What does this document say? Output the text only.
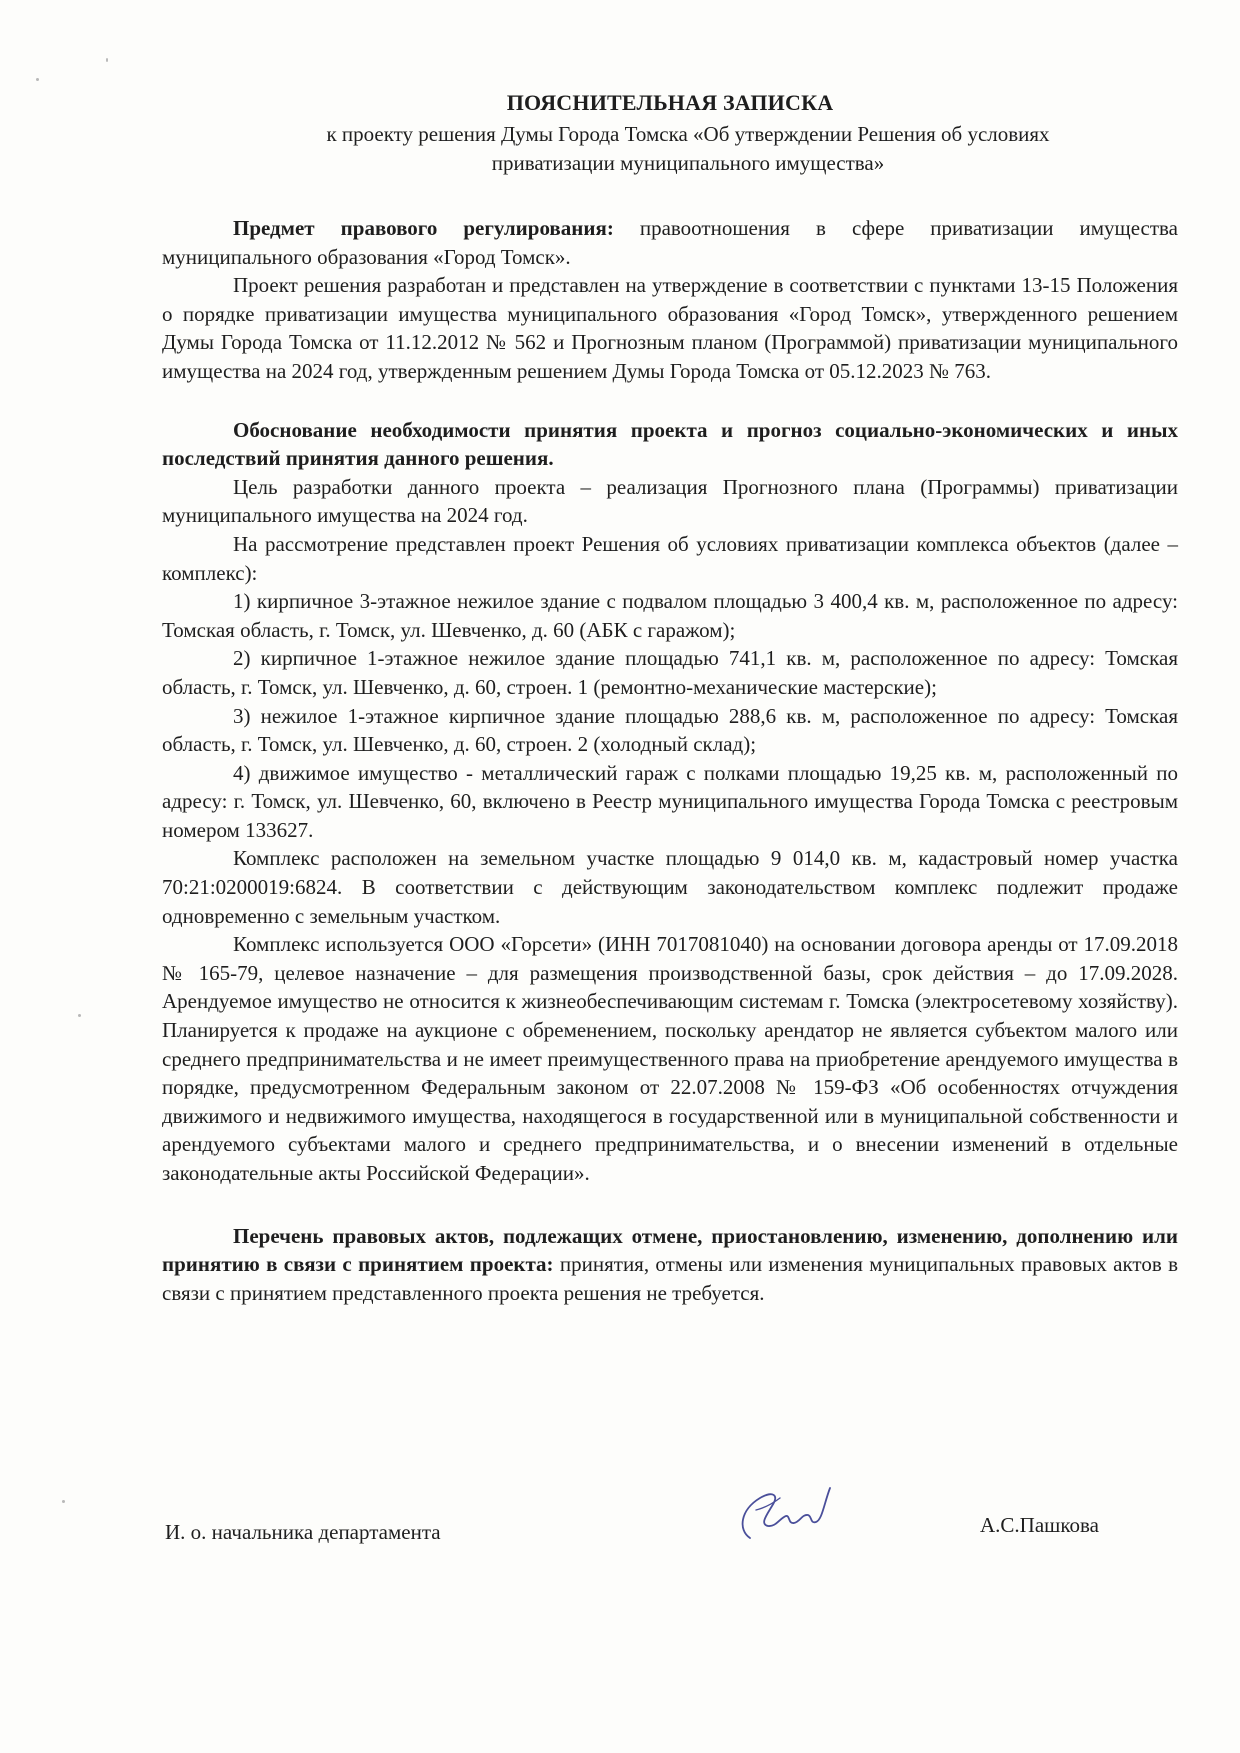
ПОЯСНИТЕЛЬНАЯ ЗАПИСКА
к проекту решения Думы Города Томска «Об утверждении Решения об условиях
приватизации муниципального имущества»

Предмет правового регулирования: правоотношения в сфере приватизации имущества муниципального образования «Город Томск».

Проект решения разработан и представлен на утверждение в соответствии с пунктами 13-15 Положения о порядке приватизации имущества муниципального образования «Город Томск», утвержденного решением Думы Города Томска от 11.12.2012 № 562 и Прогнозным планом (Программой) приватизации муниципального имущества на 2024 год, утвержденным решением Думы Города Томска от 05.12.2023 № 763.

Обоснование необходимости принятия проекта и прогноз социально-экономических и иных последствий принятия данного решения.

Цель разработки данного проекта – реализация Прогнозного плана (Программы) приватизации муниципального имущества на 2024 год.

На рассмотрение представлен проект Решения об условиях приватизации комплекса объектов (далее – комплекс):

1) кирпичное 3-этажное нежилое здание с подвалом площадью 3 400,4 кв. м, расположенное по адресу: Томская область, г. Томск, ул. Шевченко, д. 60 (АБК с гаражом);

2) кирпичное 1-этажное нежилое здание площадью 741,1 кв. м, расположенное по адресу: Томская область, г. Томск, ул. Шевченко, д. 60, строен. 1 (ремонтно-механические мастерские);

3) нежилое 1-этажное кирпичное здание площадью 288,6 кв. м, расположенное по адресу: Томская область, г. Томск, ул. Шевченко, д. 60, строен. 2 (холодный склад);

4) движимое имущество - металлический гараж с полками площадью 19,25 кв. м, расположенный по адресу: г. Томск, ул. Шевченко, 60, включено в Реестр муниципального имущества Города Томска с реестровым номером 133627.

Комплекс расположен на земельном участке площадью 9 014,0 кв. м, кадастровый номер участка 70:21:0200019:6824. В соответствии с действующим законодательством комплекс подлежит продаже одновременно с земельным участком.

Комплекс используется ООО «Горсети» (ИНН 7017081040) на основании договора аренды от 17.09.2018 № 165-79, целевое назначение – для размещения производственной базы, срок действия – до 17.09.2028. Арендуемое имущество не относится к жизнеобеспечивающим системам г. Томска (электросетевому хозяйству). Планируется к продаже на аукционе с обременением, поскольку арендатор не является субъектом малого или среднего предпринимательства и не имеет преимущественного права на приобретение арендуемого имущества в порядке, предусмотренном Федеральным законом от 22.07.2008 № 159-ФЗ «Об особенностях отчуждения движимого и недвижимого имущества, находящегося в государственной или в муниципальной собственности и арендуемого субъектами малого и среднего предпринимательства, и о внесении изменений в отдельные законодательные акты Российской Федерации».

Перечень правовых актов, подлежащих отмене, приостановлению, изменению, дополнению или принятию в связи с принятием проекта: принятия, отмены или изменения муниципальных правовых актов в связи с принятием представленного проекта решения не требуется.

И. о. начальника департамента	А.С.Пашкова
